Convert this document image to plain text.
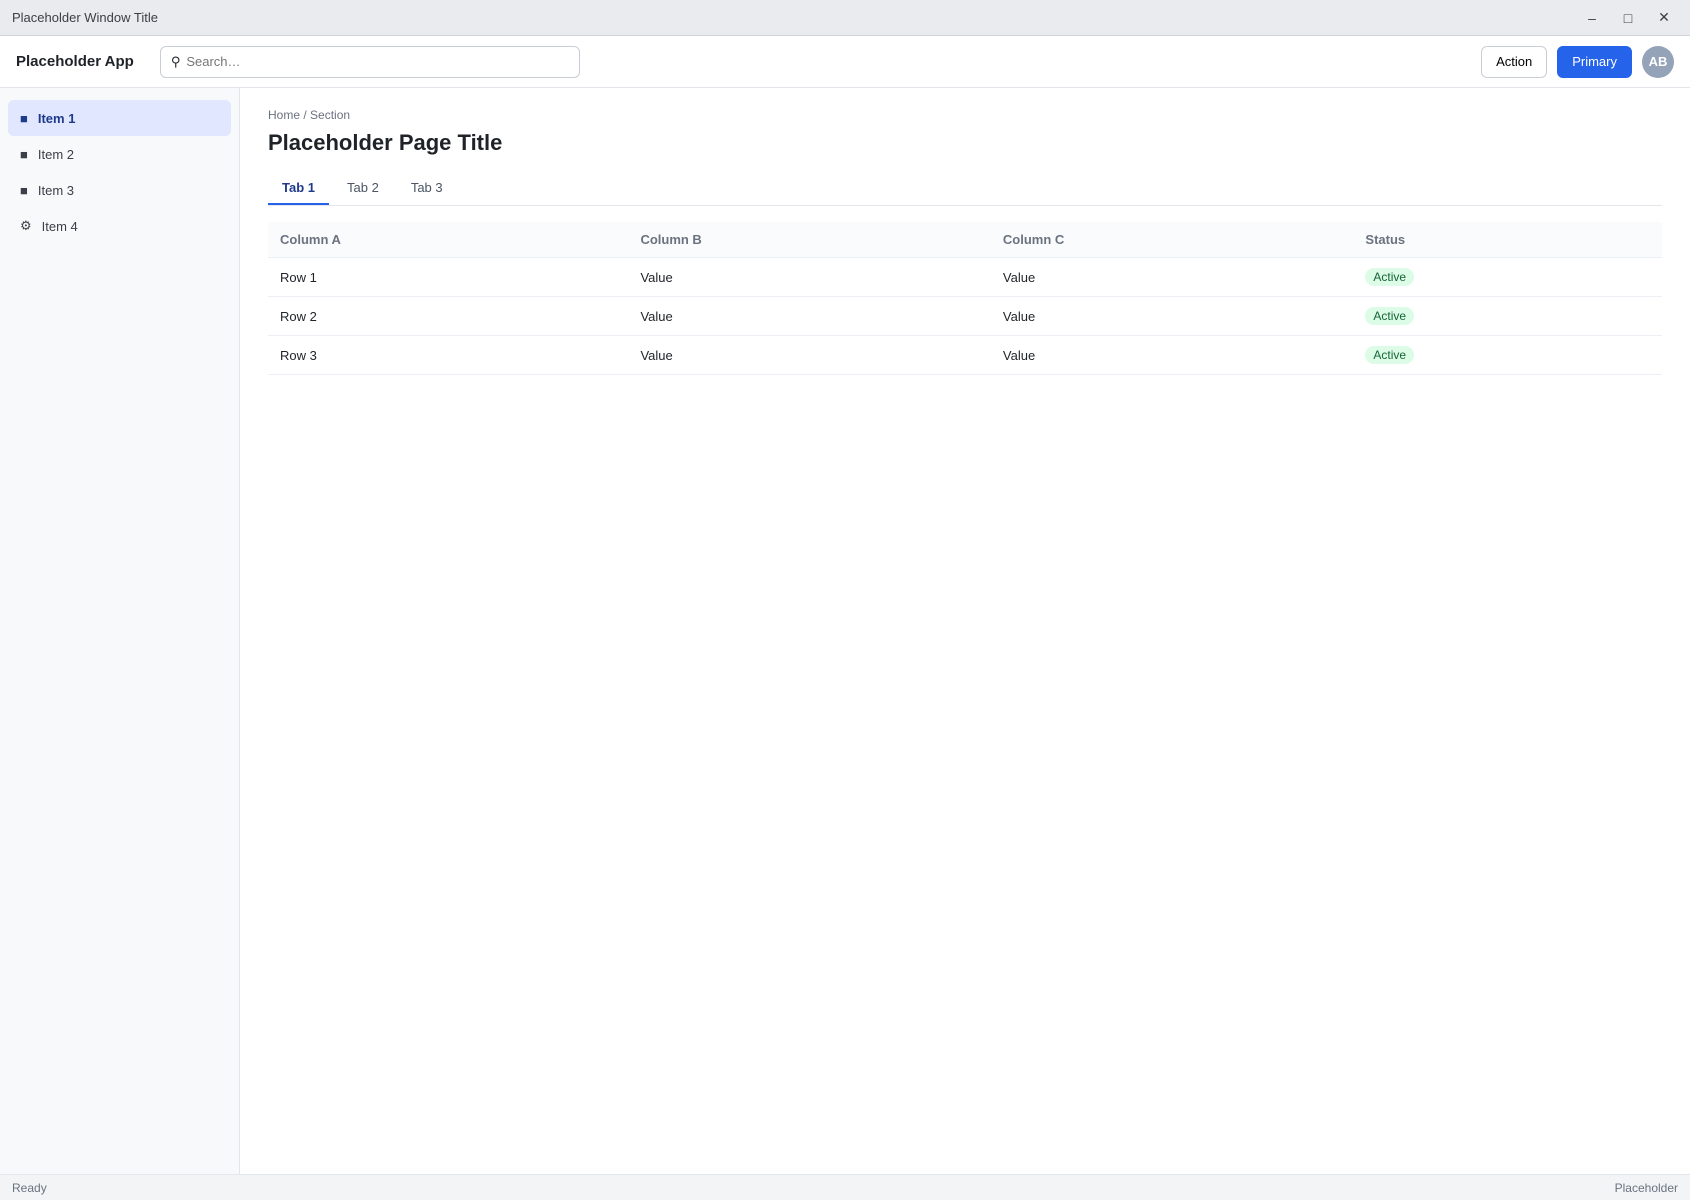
Placeholder Window Title	–	□	✕
Placeholder App	⚲
Search…	Action	Primary	AB
■ Item 1
■ Item 2
■ Item 3
⚙ Item 4
Home / Section
Placeholder Page Title
Tab 1	Tab 2	Tab 3
Column A	Column B	Column C	Status
Row 1	Value	Value	Active
Row 2	Value	Value	Active
Row 3	Value	Value	Active
Ready	Placeholder
